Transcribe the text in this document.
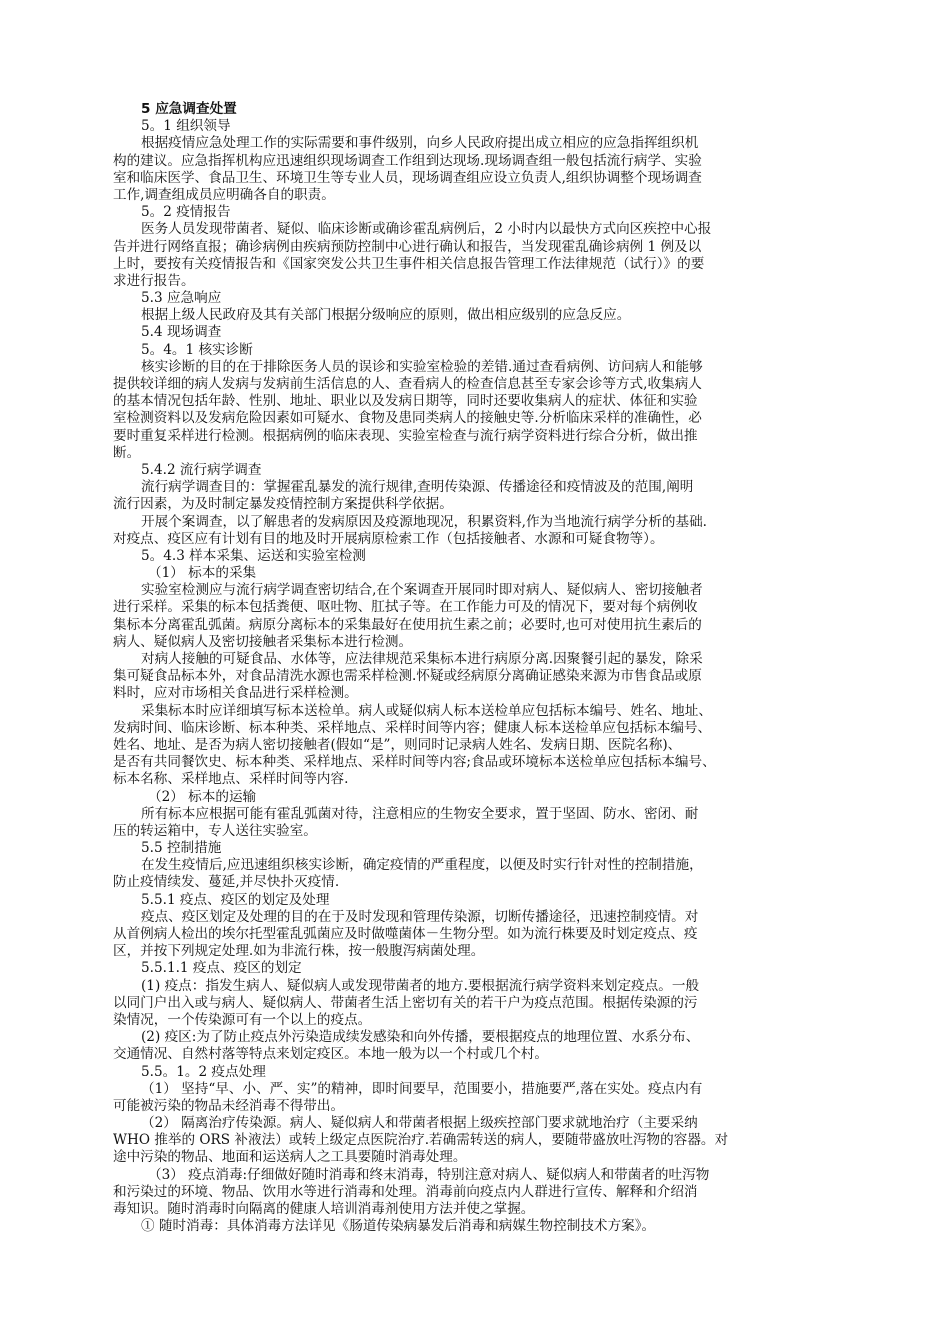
5 应急调查处置
5。1 组织领导
根据疫情应急处理工作的实际需要和事件级别，向乡人民政府提出成立相应的应急指挥组织机
构的建议。应急指挥机构应迅速组织现场调查工作组到达现场.现场调查组一般包括流行病学、实验
室和临床医学、食品卫生、环境卫生等专业人员，现场调查组应设立负责人,组织协调整个现场调查
工作,调查组成员应明确各自的职责。
5。2 疫情报告
医务人员发现带菌者、疑似、临床诊断或确诊霍乱病例后，2 小时内以最快方式向区疾控中心报
告并进行网络直报；确诊病例由疾病预防控制中心进行确认和报告，当发现霍乱确诊病例 1 例及以
上时，要按有关疫情报告和《国家突发公共卫生事件相关信息报告管理工作法律规范（试行）》的要
求进行报告。
5.3 应急响应
根据上级人民政府及其有关部门根据分级响应的原则，做出相应级别的应急反应。
5.4 现场调查
5。4。1 核实诊断
核实诊断的目的在于排除医务人员的误诊和实验室检验的差错.通过查看病例、访问病人和能够
提供较详细的病人发病与发病前生活信息的人、查看病人的检查信息甚至专家会诊等方式,收集病人
的基本情况包括年龄、性别、地址、职业以及发病日期等，同时还要收集病人的症状、体征和实验
室检测资料以及发病危险因素如可疑水、食物及患同类病人的接触史等.分析临床采样的准确性，必
要时重复采样进行检测。根据病例的临床表现、实验室检查与流行病学资料进行综合分析，做出推
断。
5.4.2 流行病学调查
流行病学调查目的：掌握霍乱暴发的流行规律,查明传染源、传播途径和疫情波及的范围,阐明
流行因素，为及时制定暴发疫情控制方案提供科学依据。
开展个案调查，以了解患者的发病原因及疫源地现况，积累资料,作为当地流行病学分析的基础.
对疫点、疫区应有计划有目的地及时开展病原检索工作（包括接触者、水源和可疑食物等）。
5。4.3 样本采集、运送和实验室检测
（1） 标本的采集
实验室检测应与流行病学调查密切结合,在个案调查开展同时即对病人、疑似病人、密切接触者
进行采样。采集的标本包括粪便、呕吐物、肛拭子等。在工作能力可及的情况下，要对每个病例收
集标本分离霍乱弧菌。病原分离标本的采集最好在使用抗生素之前；必要时,也可对使用抗生素后的
病人、疑似病人及密切接触者采集标本进行检测。
对病人接触的可疑食品、水体等，应法律规范采集标本进行病原分离.因聚餐引起的暴发，除采
集可疑食品标本外，对食品清洗水源也需采样检测.怀疑或经病原分离确证感染来源为市售食品或原
料时，应对市场相关食品进行采样检测。
采集标本时应详细填写标本送检单。病人或疑似病人标本送检单应包括标本编号、姓名、地址、
发病时间、临床诊断、标本种类、采样地点、采样时间等内容；健康人标本送检单应包括标本编号、
姓名、地址、是否为病人密切接触者(假如“是”，则同时记录病人姓名、发病日期、医院名称)、
是否有共同餐饮史、标本种类、采样地点、采样时间等内容;食品或环境标本送检单应包括标本编号、
标本名称、采样地点、采样时间等内容.
（2） 标本的运输
所有标本应根据可能有霍乱弧菌对待，注意相应的生物安全要求，置于坚固、防水、密闭、耐
压的转运箱中，专人送往实验室。
5.5 控制措施
在发生疫情后,应迅速组织核实诊断，确定疫情的严重程度，以便及时实行针对性的控制措施，
防止疫情续发、蔓延,并尽快扑灭疫情.
5.5.1 疫点、疫区的划定及处理
疫点、疫区划定及处理的目的在于及时发现和管理传染源，切断传播途径，迅速控制疫情。对
从首例病人检出的埃尔托型霍乱弧菌应及时做噬菌体－生物分型。如为流行株要及时划定疫点、疫
区，并按下列规定处理.如为非流行株，按一般腹泻病菌处理。
5.5.1.1 疫点、疫区的划定
(1) 疫点：指发生病人、疑似病人或发现带菌者的地方.要根据流行病学资料来划定疫点。一般
以同门户出入或与病人、疑似病人、带菌者生活上密切有关的若干户为疫点范围。根据传染源的污
染情况，一个传染源可有一个以上的疫点。
(2) 疫区:为了防止疫点外污染造成续发感染和向外传播，要根据疫点的地理位置、水系分布、
交通情况、自然村落等特点来划定疫区。本地一般为以一个村或几个村。
5.5。1。2 疫点处理
（1） 坚持“早、小、严、实”的精神，即时间要早，范围要小，措施要严,落在实处。疫点内有
可能被污染的物品未经消毒不得带出。
（2） 隔离治疗传染源。病人、疑似病人和带菌者根据上级疾控部门要求就地治疗（主要采纳
WHO 推举的 ORS 补液法）或转上级定点医院治疗.若确需转送的病人，要随带盛放吐泻物的容器。对
途中污染的物品、地面和运送病人之工具要随时消毒处理。
（3） 疫点消毒:仔细做好随时消毒和终末消毒，特别注意对病人、疑似病人和带菌者的吐泻物
和污染过的环境、物品、饮用水等进行消毒和处理。消毒前向疫点内人群进行宣传、解释和介绍消
毒知识。随时消毒时向隔离的健康人培训消毒剂使用方法并使之掌握。
① 随时消毒：具体消毒方法详见《肠道传染病暴发后消毒和病媒生物控制技术方案》。
